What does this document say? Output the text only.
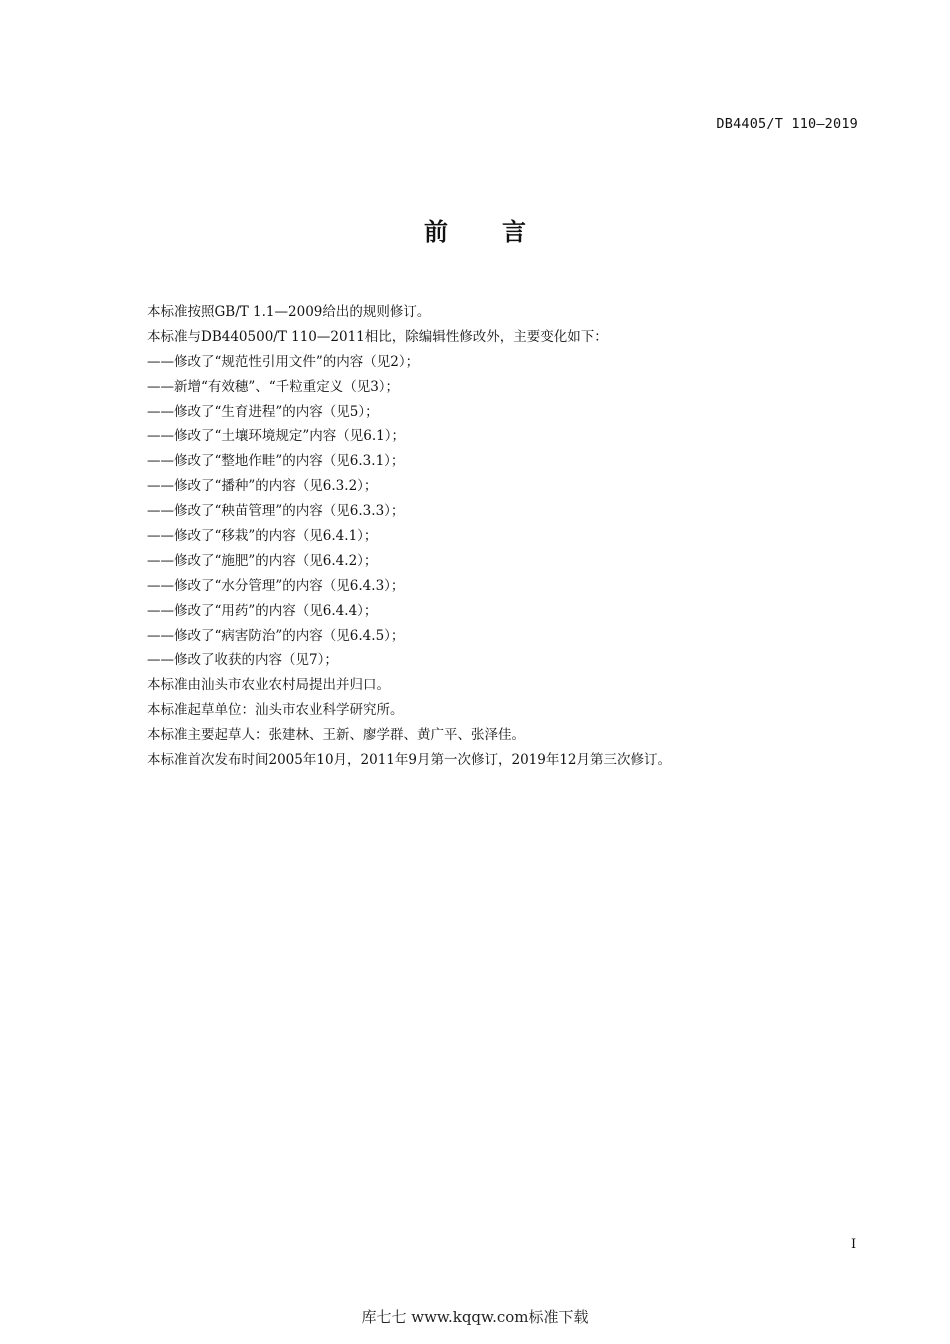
DB4405/T 110—2019
前言
本标准按照GB/T 1.1—2009给出的规则修订。
本标准与DB440500/T 110—2011相比，除编辑性修改外，主要变化如下：
——修改了“规范性引用文件”的内容（见2）；
——新增“有效穗”、“千粒重定义（见3）；
——修改了“生育进程”的内容（见5）；
——修改了“土壤环境规定”内容（见6.1）；
——修改了“整地作畦”的内容（见6.3.1）；
——修改了“播种”的内容（见6.3.2）；
——修改了“秧苗管理”的内容（见6.3.3）；
——修改了“移栽”的内容（见6.4.1）；
——修改了“施肥”的内容（见6.4.2）；
——修改了“水分管理”的内容（见6.4.3）；
——修改了“用药”的内容（见6.4.4）；
——修改了“病害防治”的内容（见6.4.5）；
——修改了收获的内容（见7）；
本标准由汕头市农业农村局提出并归口。
本标准起草单位：汕头市农业科学研究所。
本标准主要起草人：张建林、王新、廖学群、黄广平、张泽佳。
本标准首次发布时间2005年10月，2011年9月第一次修订，2019年12月第三次修订。
I
库七七 www.kqqw.com标准下载
